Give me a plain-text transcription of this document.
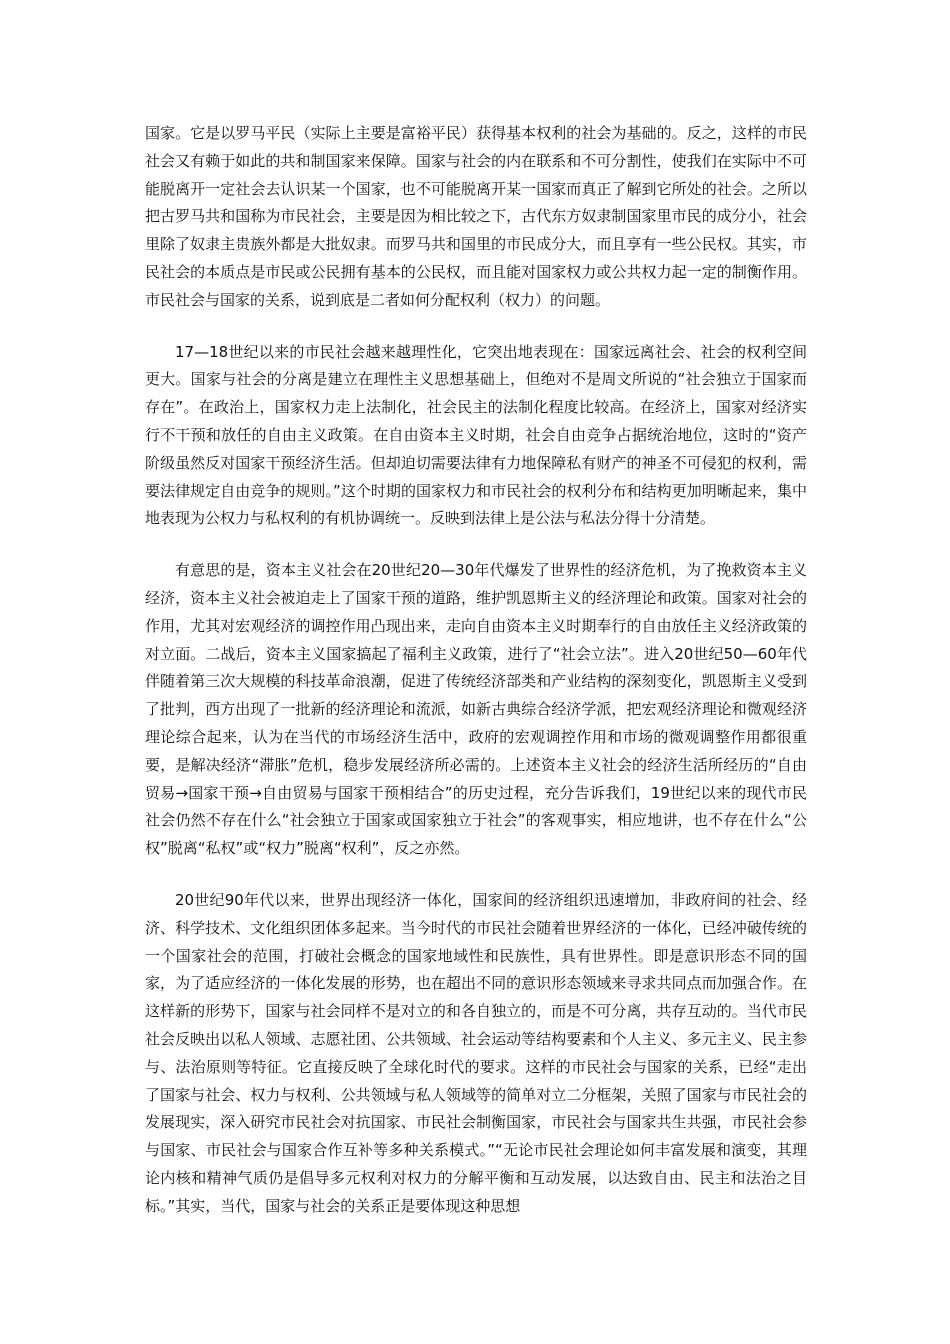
国家。它是以罗马平民（实际上主要是富裕平民）获得基本权利的社会为基础的。反之，这样的市民社会又有赖于如此的共和制国家来保障。国家与社会的内在联系和不可分割性，使我们在实际中不可能脱离开一定社会去认识某一个国家，也不可能脱离开某一国家而真正了解到它所处的社会。之所以把古罗马共和国称为市民社会，主要是因为相比较之下，古代东方奴隶制国家里市民的成分小，社会里除了奴隶主贵族外都是大批奴隶。而罗马共和国里的市民成分大，而且享有一些公民权。其实，市民社会的本质点是市民或公民拥有基本的公民权，而且能对国家权力或公共权力起一定的制衡作用。市民社会与国家的关系，说到底是二者如何分配权利（权力）的问题。

17—18世纪以来的市民社会越来越理性化，它突出地表现在：国家远离社会、社会的权利空间更大。国家与社会的分离是建立在理性主义思想基础上，但绝对不是周文所说的“社会独立于国家而存在”。在政治上，国家权力走上法制化，社会民主的法制化程度比较高。在经济上，国家对经济实行不干预和放任的自由主义政策。在自由资本主义时期，社会自由竞争占据统治地位，这时的“资产阶级虽然反对国家干预经济生活。但却迫切需要法律有力地保障私有财产的神圣不可侵犯的权利，需要法律规定自由竞争的规则。”这个时期的国家权力和市民社会的权利分布和结构更加明晰起来，集中地表现为公权力与私权利的有机协调统一。反映到法律上是公法与私法分得十分清楚。

有意思的是，资本主义社会在20世纪20—30年代爆发了世界性的经济危机，为了挽救资本主义经济，资本主义社会被迫走上了国家干预的道路，维护凯恩斯主义的经济理论和政策。国家对社会的作用，尤其对宏观经济的调控作用凸现出来，走向自由资本主义时期奉行的自由放任主义经济政策的对立面。二战后，资本主义国家搞起了福利主义政策，进行了“社会立法”。进入20世纪50—60年代伴随着第三次大规模的科技革命浪潮，促进了传统经济部类和产业结构的深刻变化，凯恩斯主义受到了批判，西方出现了一批新的经济理论和流派，如新古典综合经济学派，把宏观经济理论和微观经济理论综合起来，认为在当代的市场经济生活中，政府的宏观调控作用和市场的微观调整作用都很重要，是解决经济“滞胀”危机，稳步发展经济所必需的。上述资本主义社会的经济生活所经历的“自由贸易→国家干预→自由贸易与国家干预相结合”的历史过程，充分告诉我们，19世纪以来的现代市民社会仍然不存在什么“社会独立于国家或国家独立于社会”的客观事实，相应地讲，也不存在什么“公权”脱离“私权”或“权力”脱离“权利”，反之亦然。

20世纪90年代以来，世界出现经济一体化，国家间的经济组织迅速增加，非政府间的社会、经济、科学技术、文化组织团体多起来。当今时代的市民社会随着世界经济的一体化，已经冲破传统的一个国家社会的范围，打破社会概念的国家地域性和民族性，具有世界性。即是意识形态不同的国家，为了适应经济的一体化发展的形势，也在超出不同的意识形态领域来寻求共同点而加强合作。在这样新的形势下，国家与社会同样不是对立的和各自独立的，而是不可分离，共存互动的。当代市民社会反映出以私人领域、志愿社团、公共领域、社会运动等结构要素和个人主义、多元主义、民主参与、法治原则等特征。它直接反映了全球化时代的要求。这样的市民社会与国家的关系，已经“走出了国家与社会、权力与权利、公共领域与私人领域等的简单对立二分框架，关照了国家与市民社会的发展现实，深入研究市民社会对抗国家、市民社会制衡国家，市民社会与国家共生共强，市民社会参与国家、市民社会与国家合作互补等多种关系模式。”“无论市民社会理论如何丰富发展和演变，其理论内核和精神气质仍是倡导多元权利对权力的分解平衡和互动发展，以达致自由、民主和法治之目标。”其实，当代，国家与社会的关系正是要体现这种思想
